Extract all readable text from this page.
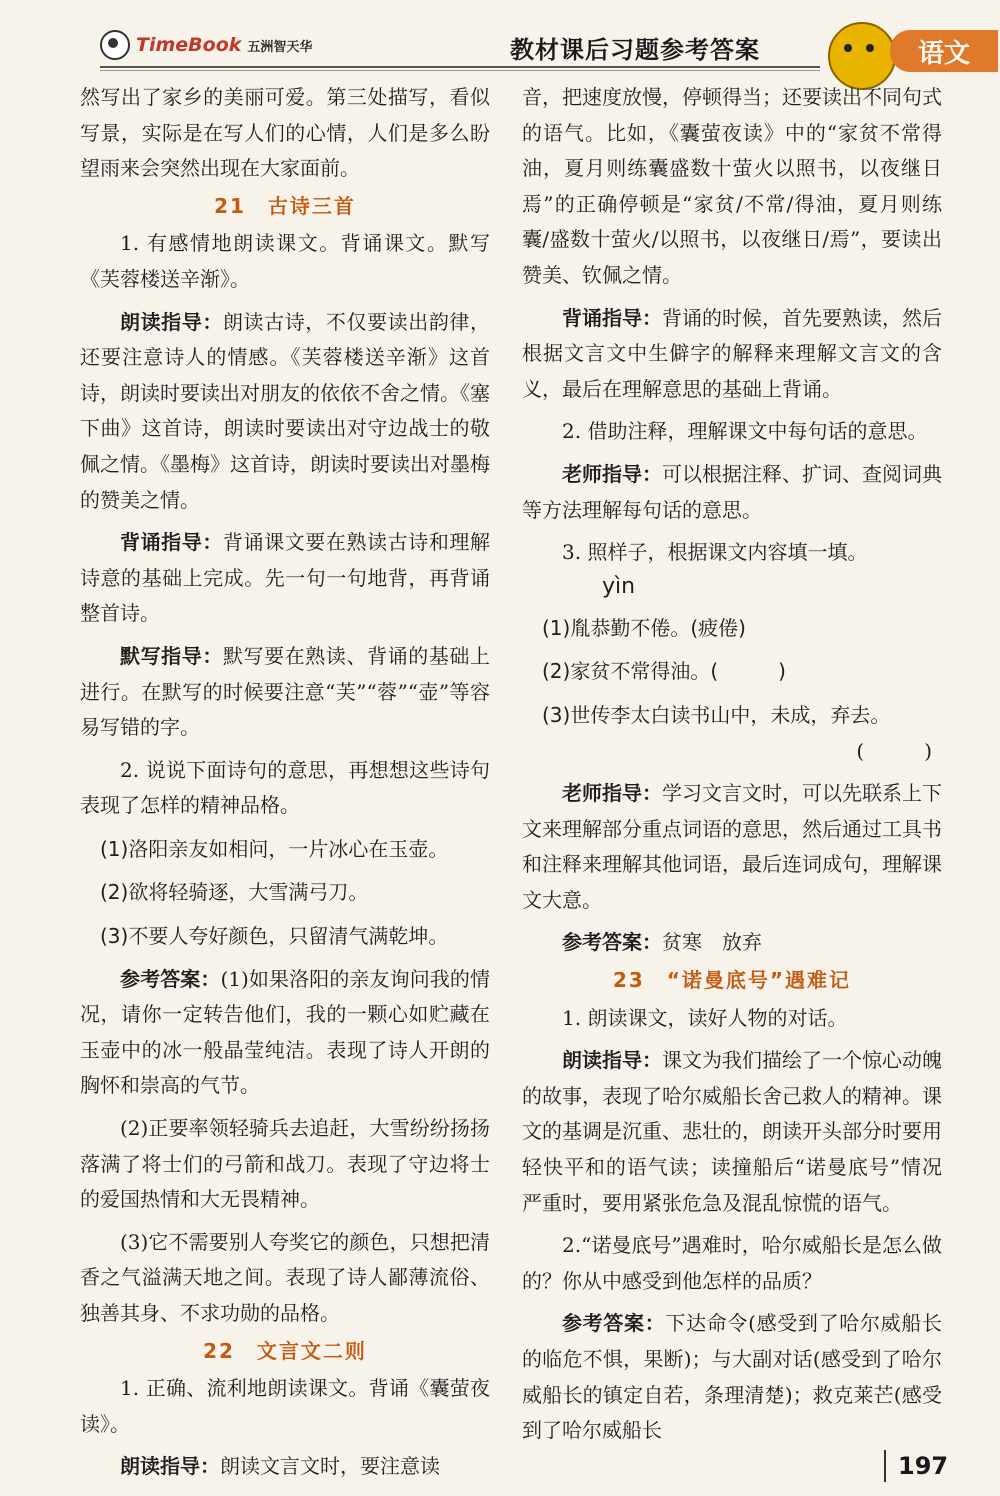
TimeBook 五洲智天华	教材课后习题参考答案	语文

然写出了家乡的美丽可爱。第三处描写，看似写景，实际是在写人们的心情，人们是多么盼望雨来会突然出现在大家面前。

21　古诗三首

1. 有感情地朗读课文。背诵课文。默写《芙蓉楼送辛渐》。

朗读指导：朗读古诗，不仅要读出韵律，还要注意诗人的情感。《芙蓉楼送辛渐》这首诗，朗读时要读出对朋友的依依不舍之情。《塞下曲》这首诗，朗读时要读出对守边战士的敬佩之情。《墨梅》这首诗，朗读时要读出对墨梅的赞美之情。

背诵指导：背诵课文要在熟读古诗和理解诗意的基础上完成。先一句一句地背，再背诵整首诗。

默写指导：默写要在熟读、背诵的基础上进行。在默写的时候要注意“芙”“蓉”“壶”等容易写错的字。

2. 说说下面诗句的意思，再想想这些诗句表现了怎样的精神品格。

(1)洛阳亲友如相问，一片冰心在玉壶。

(2)欲将轻骑逐，大雪满弓刀。

(3)不要人夸好颜色，只留清气满乾坤。

参考答案：(1)如果洛阳的亲友询问我的情况，请你一定转告他们，我的一颗心如贮藏在玉壶中的冰一般晶莹纯洁。表现了诗人开朗的胸怀和崇高的气节。

(2)正要率领轻骑兵去追赶，大雪纷纷扬扬落满了将士们的弓箭和战刀。表现了守边将士的爱国热情和大无畏精神。

(3)它不需要别人夸奖它的颜色，只想把清香之气溢满天地之间。表现了诗人鄙薄流俗、独善其身、不求功勋的品格。

22　文言文二则

1. 正确、流利地朗读课文。背诵《囊萤夜读》。

朗读指导：朗读文言文时，要注意读

音，把速度放慢，停顿得当；还要读出不同句式的语气。比如，《囊萤夜读》中的“家贫不常得油，夏月则练囊盛数十萤火以照书，以夜继日焉”的正确停顿是“家贫/不常/得油，夏月则练囊/盛数十萤火/以照书，以夜继日/焉”，要读出赞美、钦佩之情。

背诵指导：背诵的时候，首先要熟读，然后根据文言文中生僻字的解释来理解文言文的含义，最后在理解意思的基础上背诵。

2. 借助注释，理解课文中每句话的意思。

老师指导：可以根据注释、扩词、查阅词典等方法理解每句话的意思。

3. 照样子，根据课文内容填一填。

yìn

(1)胤恭勤不倦。(疲倦)

(2)家贫不常得油。(　　　)

(3)世传李太白读书山中，未成，弃去。

(　　　)

老师指导：学习文言文时，可以先联系上下文来理解部分重点词语的意思，然后通过工具书和注释来理解其他词语，最后连词成句，理解课文大意。

参考答案：贫寒　放弃

23　“诺曼底号”遇难记

1. 朗读课文，读好人物的对话。

朗读指导：课文为我们描绘了一个惊心动魄的故事，表现了哈尔威船长舍己救人的精神。课文的基调是沉重、悲壮的，朗读开头部分时要用轻快平和的语气读；读撞船后“诺曼底号”情况严重时，要用紧张危急及混乱惊慌的语气。

2.“诺曼底号”遇难时，哈尔威船长是怎么做的？你从中感受到他怎样的品质？

参考答案：下达命令(感受到了哈尔威船长的临危不惧，果断)；与大副对话(感受到了哈尔威船长的镇定自若，条理清楚)；救克莱芒(感受到了哈尔威船长

197
